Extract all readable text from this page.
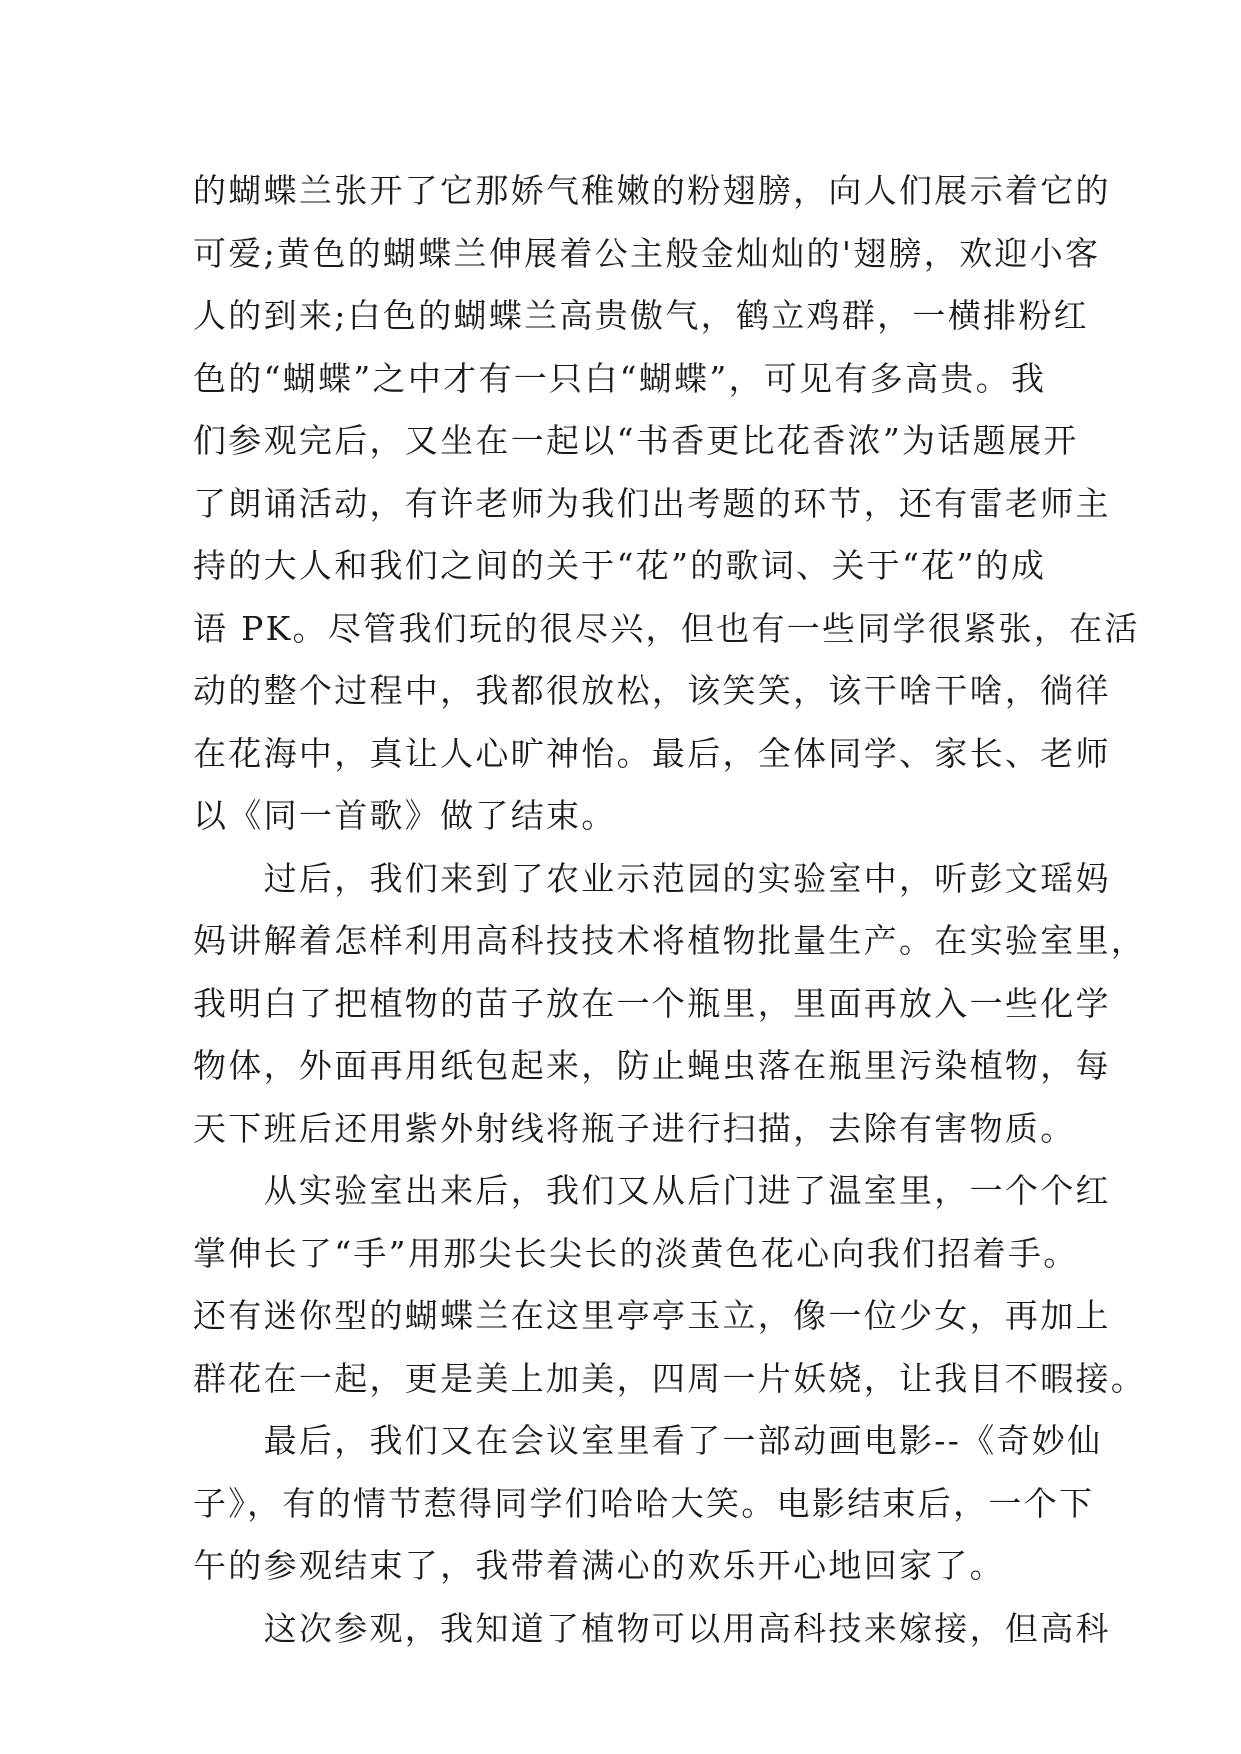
的蝴蝶兰张开了它那娇气稚嫩的粉翅膀，向人们展示着它的
可爱;黄色的蝴蝶兰伸展着公主般金灿灿的'翅膀，欢迎小客
人的到来;白色的蝴蝶兰高贵傲气，鹤立鸡群，一横排粉红
色的“蝴蝶”之中才有一只白“蝴蝶”，可见有多高贵。我
们参观完后，又坐在一起以“书香更比花香浓”为话题展开
了朗诵活动，有许老师为我们出考题的环节，还有雷老师主
持的大人和我们之间的关于“花”的歌词、关于“花”的成
语 PK。尽管我们玩的很尽兴，但也有一些同学很紧张，在活
动的整个过程中，我都很放松，该笑笑，该干啥干啥，徜徉
在花海中，真让人心旷神怡。最后，全体同学、家长、老师
以《同一首歌》做了结束。

　　过后，我们来到了农业示范园的实验室中，听彭文瑶妈
妈讲解着怎样利用高科技技术将植物批量生产。在实验室里，
我明白了把植物的苗子放在一个瓶里，里面再放入一些化学
物体，外面再用纸包起来，防止蝇虫落在瓶里污染植物，每
天下班后还用紫外射线将瓶子进行扫描，去除有害物质。

　　从实验室出来后，我们又从后门进了温室里，一个个红
掌伸长了“手”用那尖长尖长的淡黄色花心向我们招着手。
还有迷你型的蝴蝶兰在这里亭亭玉立，像一位少女，再加上
群花在一起，更是美上加美，四周一片妖娆，让我目不暇接。

　　最后，我们又在会议室里看了一部动画电影--《奇妙仙
子》，有的情节惹得同学们哈哈大笑。电影结束后，一个下
午的参观结束了，我带着满心的欢乐开心地回家了。

　　这次参观，我知道了植物可以用高科技来嫁接，但高科
